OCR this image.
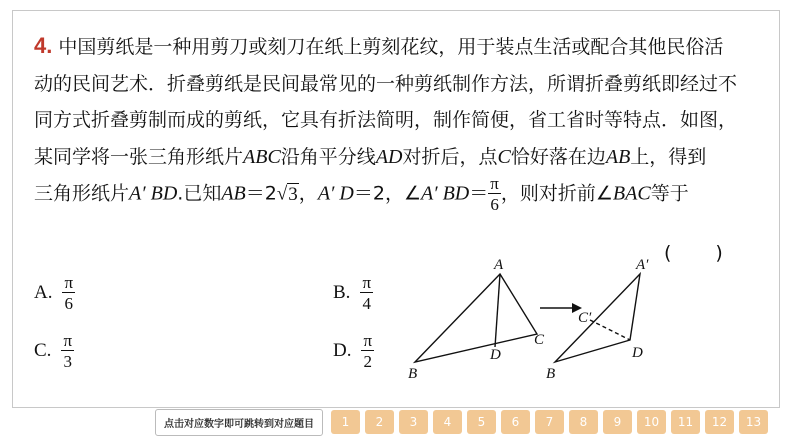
4. 中国剪纸是一种用剪刀或刻刀在纸上剪刻花纹，用于装点生活或配合其他民俗活
动的民间艺术．折叠剪纸是民间最常见的一种剪纸制作方法，所谓折叠剪纸即经过不
同方式折叠剪制而成的剪纸，它具有折法简明，制作简便，省工省时等特点．如图，
某同学将一张三角形纸片ABC沿角平分线AD对折后，点C恰好落在边AB上，得到
三角形纸片A′ BD.已知AB＝2√3，A′ D＝2，∠A′ $BD= \frac{\pi}{6}$ ，则对折前∠BAC等于
(　　)
A. $\frac{\pi}{6}$	B. $\frac{\pi}{4}$
C. $\frac{\pi}{3}$	D. $\frac{\pi}{2}$
A
B
C
D
A′
B
C′
D
点击对应数字即可跳转到对应题目	1	2	3	4	5	6	7	8	9	10	11	12	13
